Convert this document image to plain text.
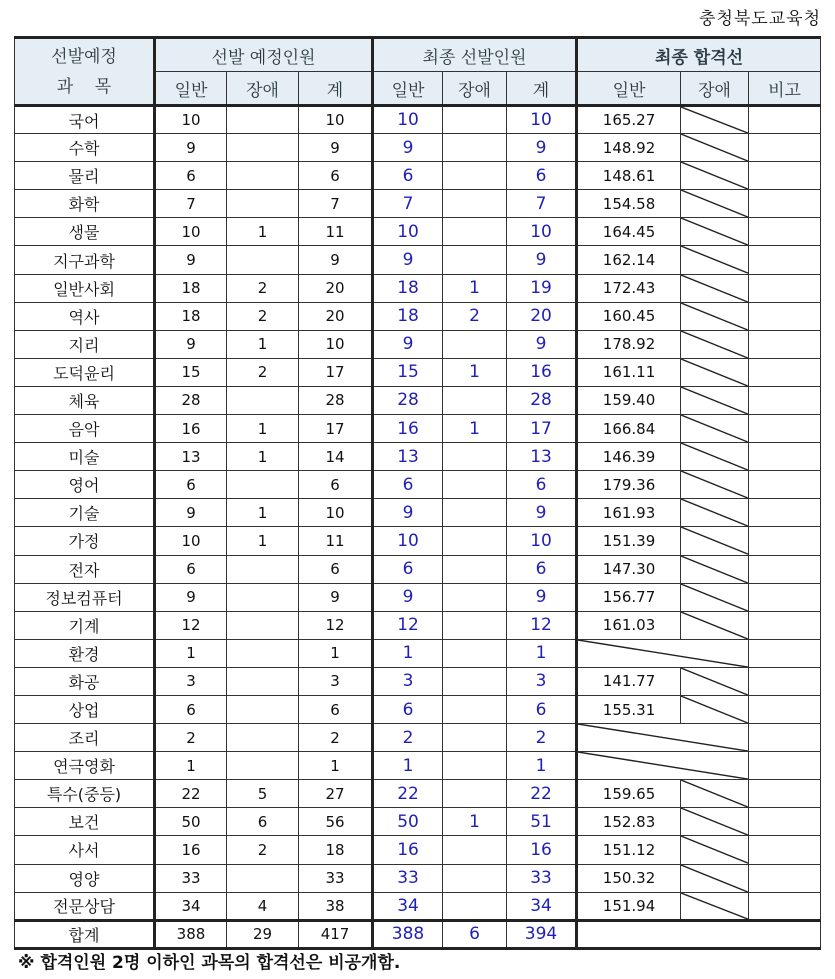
충청북도교육청
선발예정
과    목	선발 예정인원			최종 선발인원			최종 합격선		
	일반	장애	계	일반	장애	계	일반	장애	비고
국어	10		10	10		10	165.27	

수학	9		9	9		9	148.92	

물리	6		6	6		6	148.61	

화학	7		7	7		7	154.58	

생물	10	1	11	10		10	164.45	

지구과학	9		9	9		9	162.14	

일반사회	18	2	20	18	1	19	172.43	

역사	18	2	20	18	2	20	160.45	

지리	9	1	10	9		9	178.92	

도덕윤리	15	2	17	15	1	16	161.11	

체육	28		28	28		28	159.40	

음악	16	1	17	16	1	17	166.84	

미술	13	1	14	13		13	146.39	

영어	6		6	6		6	179.36	

기술	9	1	10	9		9	161.93	

가정	10	1	11	10		10	151.39	

전자	6		6	6		6	147.30	

정보컴퓨터	9		9	9		9	156.77	

기계	12		12	12		12	161.03	

환경	1		1	1		1	

화공	3		3	3		3	141.77	

상업	6		6	6		6	155.31	

조리	2		2	2		2	

연극영화	1		1	1		1	

특수(중등)	22	5	27	22		22	159.65	

보건	50	6	56	50	1	51	152.83	

사서	16	2	18	16		16	151.12	

영양	33		33	33		33	150.32	

전문상담	34	4	38	34		34	151.94	

합계	388	29	417	388	6	394			
※ 합격인원 2명 이하인 과목의 합격선은 비공개함.
